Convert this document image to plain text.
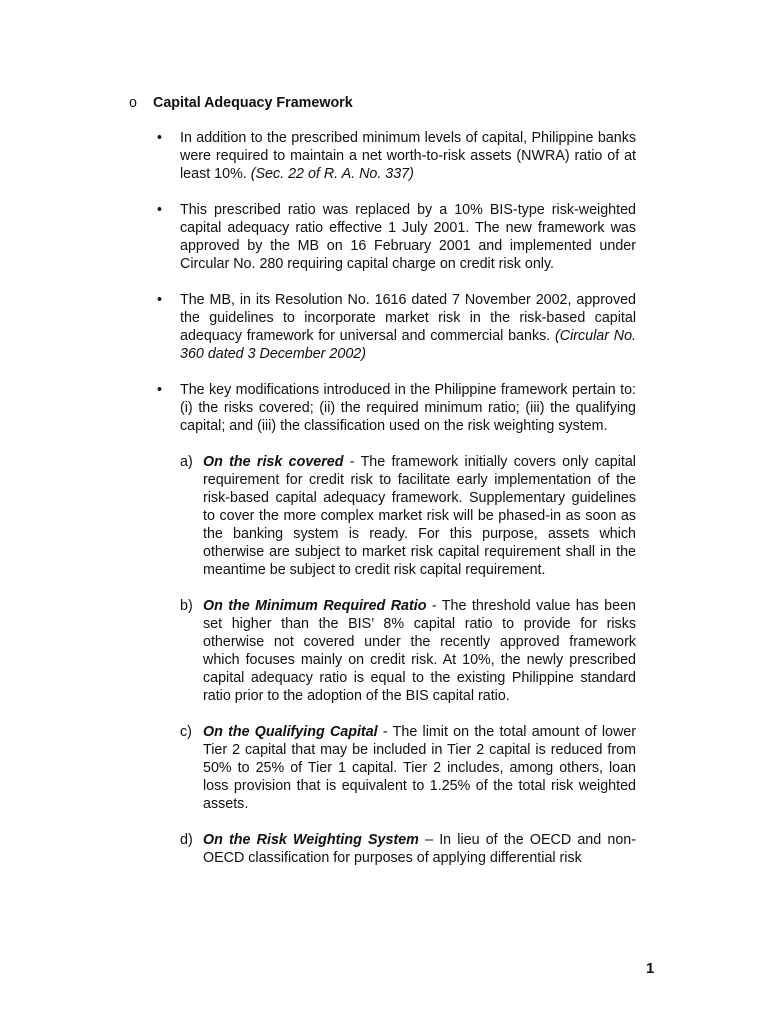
o	Capital Adequacy Framework
•	In addition to the prescribed minimum levels of capital, Philippine banks were required to maintain a net worth-to-risk assets (NWRA) ratio of at least 10%. (Sec. 22 of R. A. No. 337)
•	This prescribed ratio was replaced by a 10% BIS-type risk-weighted capital adequacy ratio effective 1 July 2001. The new framework was approved by the MB on 16 February 2001 and implemented under Circular No. 280 requiring capital charge on credit risk only.
•	The MB, in its Resolution No. 1616 dated 7 November 2002, approved the guidelines to incorporate market risk in the risk-based capital adequacy framework for universal and commercial banks. (Circular No. 360 dated 3 December 2002)
•	The key modifications introduced in the Philippine framework pertain to: (i) the risks covered; (ii) the required minimum ratio; (iii) the qualifying capital; and (iii) the classification used on the risk weighting system.
a) On the risk covered - The framework initially covers only capital requirement for credit risk to facilitate early implementation of the risk-based capital adequacy framework. Supplementary guidelines to cover the more complex market risk will be phased-in as soon as the banking system is ready. For this purpose, assets which otherwise are subject to market risk capital requirement shall in the meantime be subject to credit risk capital requirement.
b) On the Minimum Required Ratio - The threshold value has been set higher than the BIS’ 8% capital ratio to provide for risks otherwise not covered under the recently approved framework which focuses mainly on credit risk. At 10%, the newly prescribed capital adequacy ratio is equal to the existing Philippine standard ratio prior to the adoption of the BIS capital ratio.
c) On the Qualifying Capital - The limit on the total amount of lower Tier 2 capital that may be included in Tier 2 capital is reduced from 50% to 25% of Tier 1 capital. Tier 2 includes, among others, loan loss provision that is equivalent to 1.25% of the total risk weighted assets.
d) On the Risk Weighting System – In lieu of the OECD and non-OECD classification for purposes of applying differential risk
1
